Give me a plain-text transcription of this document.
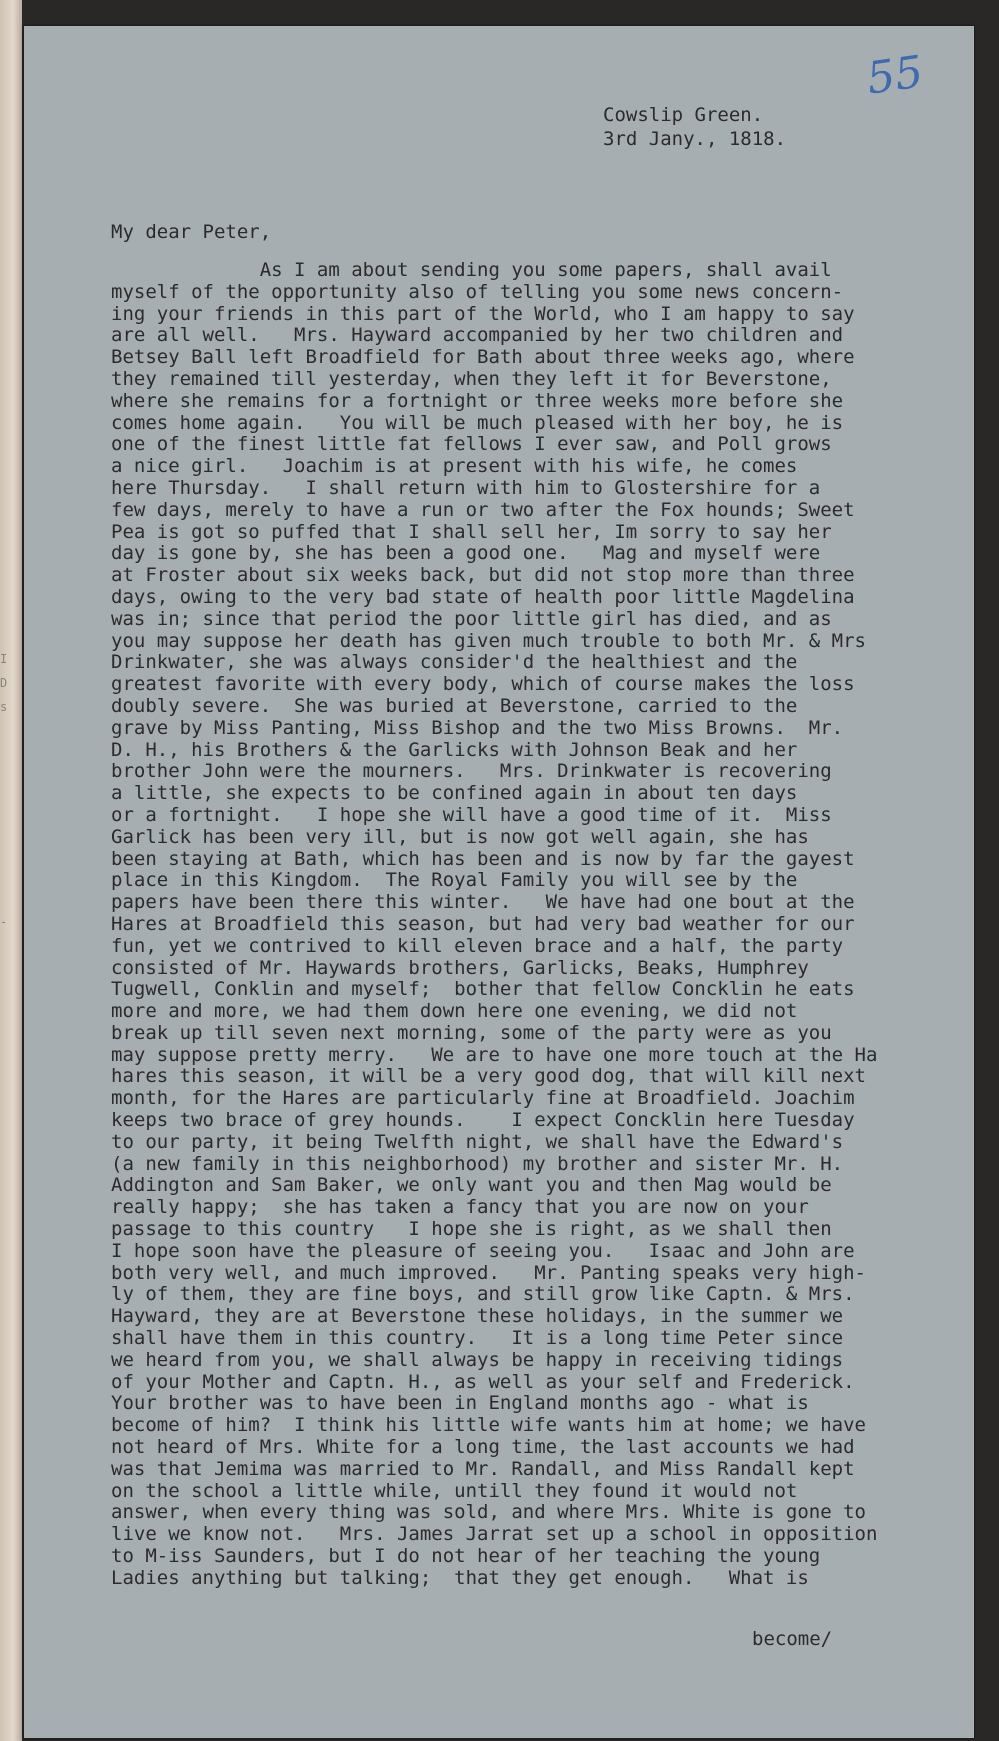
I
D
s
-
55
Cowslip Green.
3rd Jany., 1818.
My dear Peter,
As I am about sending you some papers, shall avail
myself of the opportunity also of telling you some news concern-
ing your friends in this part of the World, who I am happy to say
are all well.   Mrs. Hayward accompanied by her two children and
Betsey Ball left Broadfield for Bath about three weeks ago, where
they remained till yesterday, when they left it for Beverstone,
where she remains for a fortnight or three weeks more before she
comes home again.   You will be much pleased with her boy, he is
one of the finest little fat fellows I ever saw, and Poll grows
a nice girl.   Joachim is at present with his wife, he comes
here Thursday.   I shall return with him to Glostershire for a
few days, merely to have a run or two after the Fox hounds; Sweet
Pea is got so puffed that I shall sell her, Im sorry to say her
day is gone by, she has been a good one.   Mag and myself were
at Froster about six weeks back, but did not stop more than three
days, owing to the very bad state of health poor little Magdelina
was in; since that period the poor little girl has died, and as
you may suppose her death has given much trouble to both Mr. & Mrs
Drinkwater, she was always consider'd the healthiest and the
greatest favorite with every body, which of course makes the loss
doubly severe.  She was buried at Beverstone, carried to the
grave by Miss Panting, Miss Bishop and the two Miss Browns.  Mr.
D. H., his Brothers & the Garlicks with Johnson Beak and her
brother John were the mourners.   Mrs. Drinkwater is recovering
a little, she expects to be confined again in about ten days
or a fortnight.   I hope she will have a good time of it.  Miss
Garlick has been very ill, but is now got well again, she has
been staying at Bath, which has been and is now by far the gayest
place in this Kingdom.  The Royal Family you will see by the
papers have been there this winter.   We have had one bout at the
Hares at Broadfield this season, but had very bad weather for our
fun, yet we contrived to kill eleven brace and a half, the party
consisted of Mr. Haywards brothers, Garlicks, Beaks, Humphrey
Tugwell, Conklin and myself;  bother that fellow Concklin he eats
more and more, we had them down here one evening, we did not
break up till seven next morning, some of the party were as you
may suppose pretty merry.   We are to have one more touch at the Ha
hares this season, it will be a very good dog, that will kill next
month, for the Hares are particularly fine at Broadfield. Joachim
keeps two brace of grey hounds.    I expect Concklin here Tuesday
to our party, it being Twelfth night, we shall have the Edward's
(a new family in this neighborhood) my brother and sister Mr. H.
Addington and Sam Baker, we only want you and then Mag would be
really happy;  she has taken a fancy that you are now on your
passage to this country   I hope she is right, as we shall then
I hope soon have the pleasure of seeing you.   Isaac and John are
both very well, and much improved.   Mr. Panting speaks very high-
ly of them, they are fine boys, and still grow like Captn. & Mrs.
Hayward, they are at Beverstone these holidays, in the summer we
shall have them in this country.   It is a long time Peter since
we heard from you, we shall always be happy in receiving tidings
of your Mother and Captn. H., as well as your self and Frederick.
Your brother was to have been in England months ago - what is
become of him?  I think his little wife wants him at home; we have
not heard of Mrs. White for a long time, the last accounts we had
was that Jemima was married to Mr. Randall, and Miss Randall kept
on the school a little while, untill they found it would not
answer, when every thing was sold, and where Mrs. White is gone to
live we know not.   Mrs. James Jarrat set up a school in opposition
to M-iss Saunders, but I do not hear of her teaching the young
Ladies anything but talking;  that they get enough.   What is
become/
